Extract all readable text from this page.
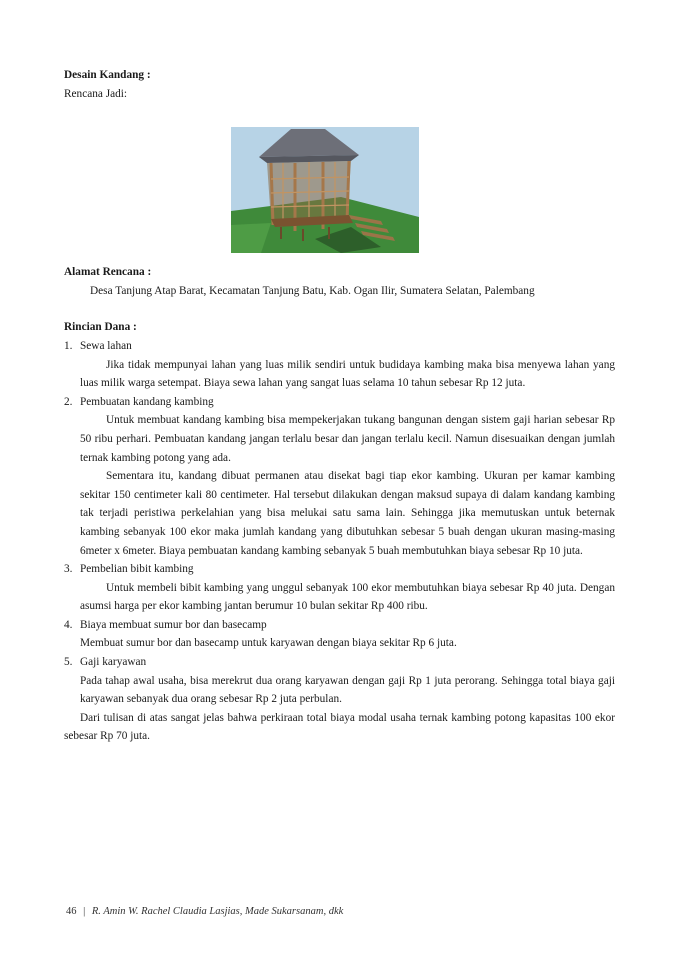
Desain Kandang :

Rencana Jadi:

Alamat Rencana :

Desa Tanjung Atap Barat, Kecamatan Tanjung Batu, Kab. Ogan Ilir, Sumatera Selatan, Palembang

Rincian Dana :

1. Sewa lahan

Jika tidak mempunyai lahan yang luas milik sendiri untuk budidaya kambing maka bisa menyewa lahan yang luas milik warga setempat. Biaya sewa lahan yang sangat luas selama 10 tahun sebesar Rp 12 juta.

2. Pembuatan kandang kambing

Untuk membuat kandang kambing bisa mempekerjakan tukang bangunan dengan sistem gaji harian sebesar Rp 50 ribu perhari. Pembuatan kandang jangan terlalu besar dan jangan terlalu kecil. Namun disesuaikan dengan jumlah ternak kambing potong yang ada.

Sementara itu, kandang dibuat permanen atau disekat bagi tiap ekor kambing. Ukuran per kamar kambing sekitar 150 centimeter kali 80 centimeter. Hal tersebut dilakukan dengan maksud supaya di dalam kandang kambing tak terjadi peristiwa perkelahian yang bisa melukai satu sama lain. Sehingga jika memutuskan untuk beternak kambing sebanyak 100 ekor maka jumlah kandang yang dibutuhkan sebesar 5 buah dengan ukuran masing-masing 6meter x 6meter. Biaya pembuatan kandang kambing sebanyak 5 buah membutuhkan biaya sebesar Rp 10 juta.

3. Pembelian bibit kambing

Untuk membeli bibit kambing yang unggul sebanyak 100 ekor membutuhkan biaya sebesar Rp 40 juta. Dengan asumsi harga per ekor kambing jantan berumur 10 bulan sekitar Rp 400 ribu.

4. Biaya membuat sumur bor dan basecamp

Membuat sumur bor dan basecamp untuk karyawan dengan biaya sekitar Rp 6 juta.

5. Gaji karyawan

Pada tahap awal usaha, bisa merekrut dua orang karyawan dengan gaji Rp 1 juta perorang. Sehingga total biaya gaji karyawan sebanyak dua orang sebesar Rp 2 juta perbulan.

Dari tulisan di atas sangat jelas bahwa perkiraan total biaya modal usaha ternak kambing potong kapasitas 100 ekor sebesar Rp 70 juta.

46 | R. Amin W. Rachel Claudia Lasjias, Made Sukarsanam, dkk
